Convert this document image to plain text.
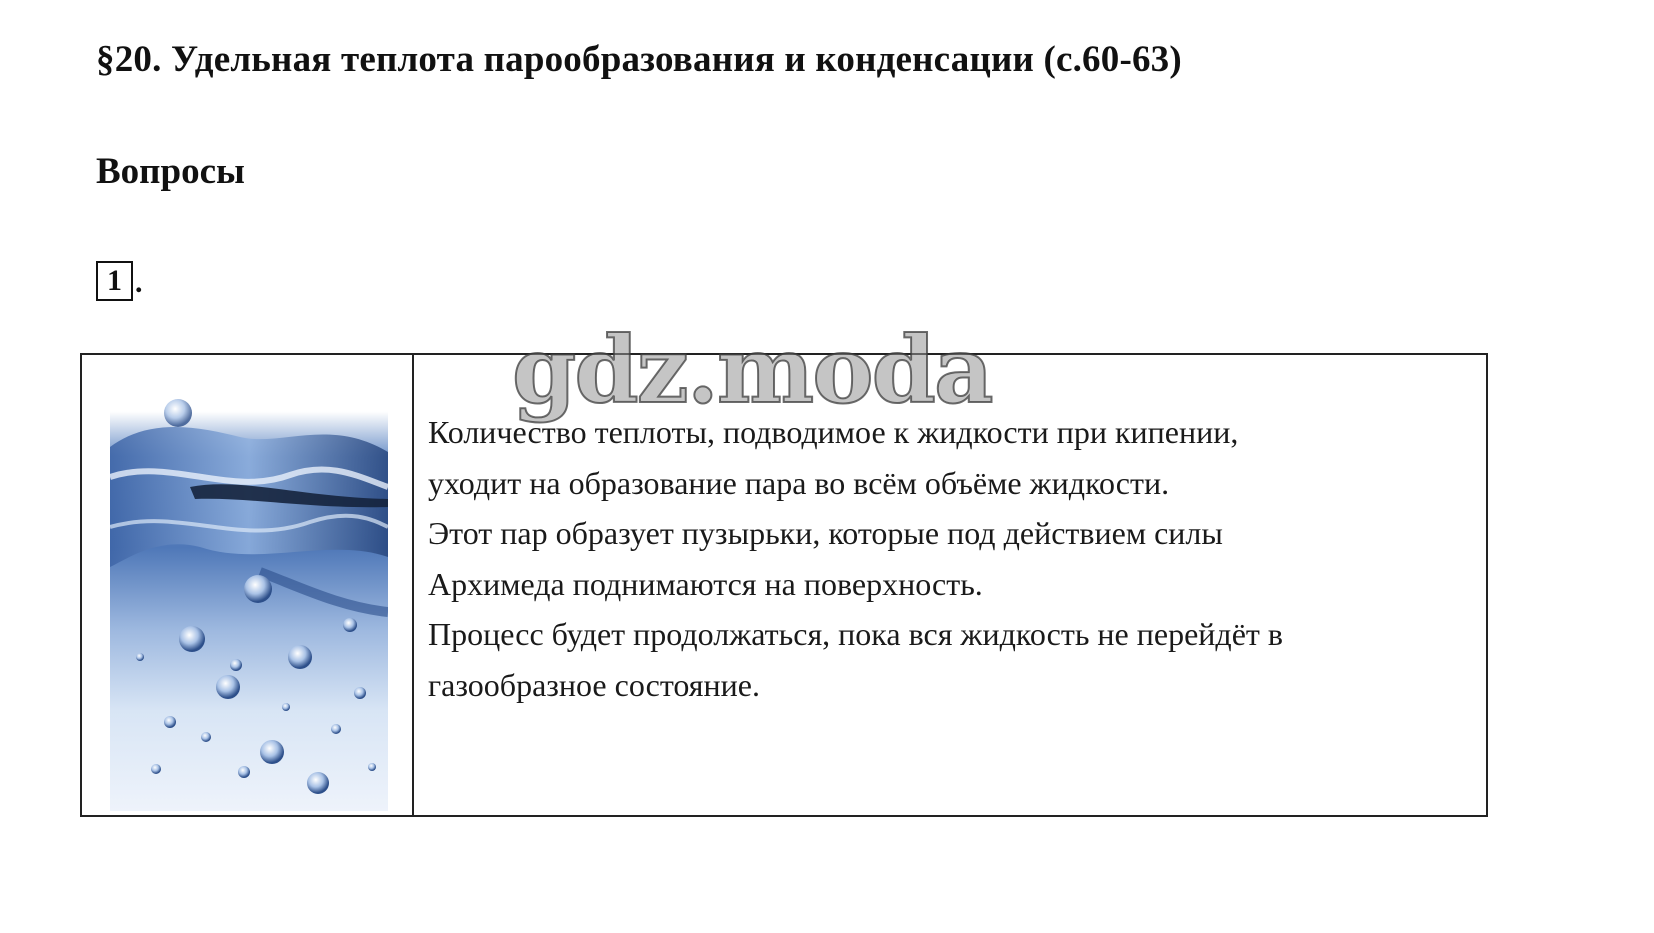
§20. Удельная теплота парообразования и конденсации (с.60-63)
Вопросы
1 .

Количество теплоты, подводимое к жидкости при кипении,
уходит на образование пара во всём объёме жидкости.
Этот пар образует пузырьки, которые под действием силы
Архимеда поднимаются на поверхность.
Процесс будет продолжаться, пока вся жидкость не перейдёт в
газообразное состояние.

gdz.moda
